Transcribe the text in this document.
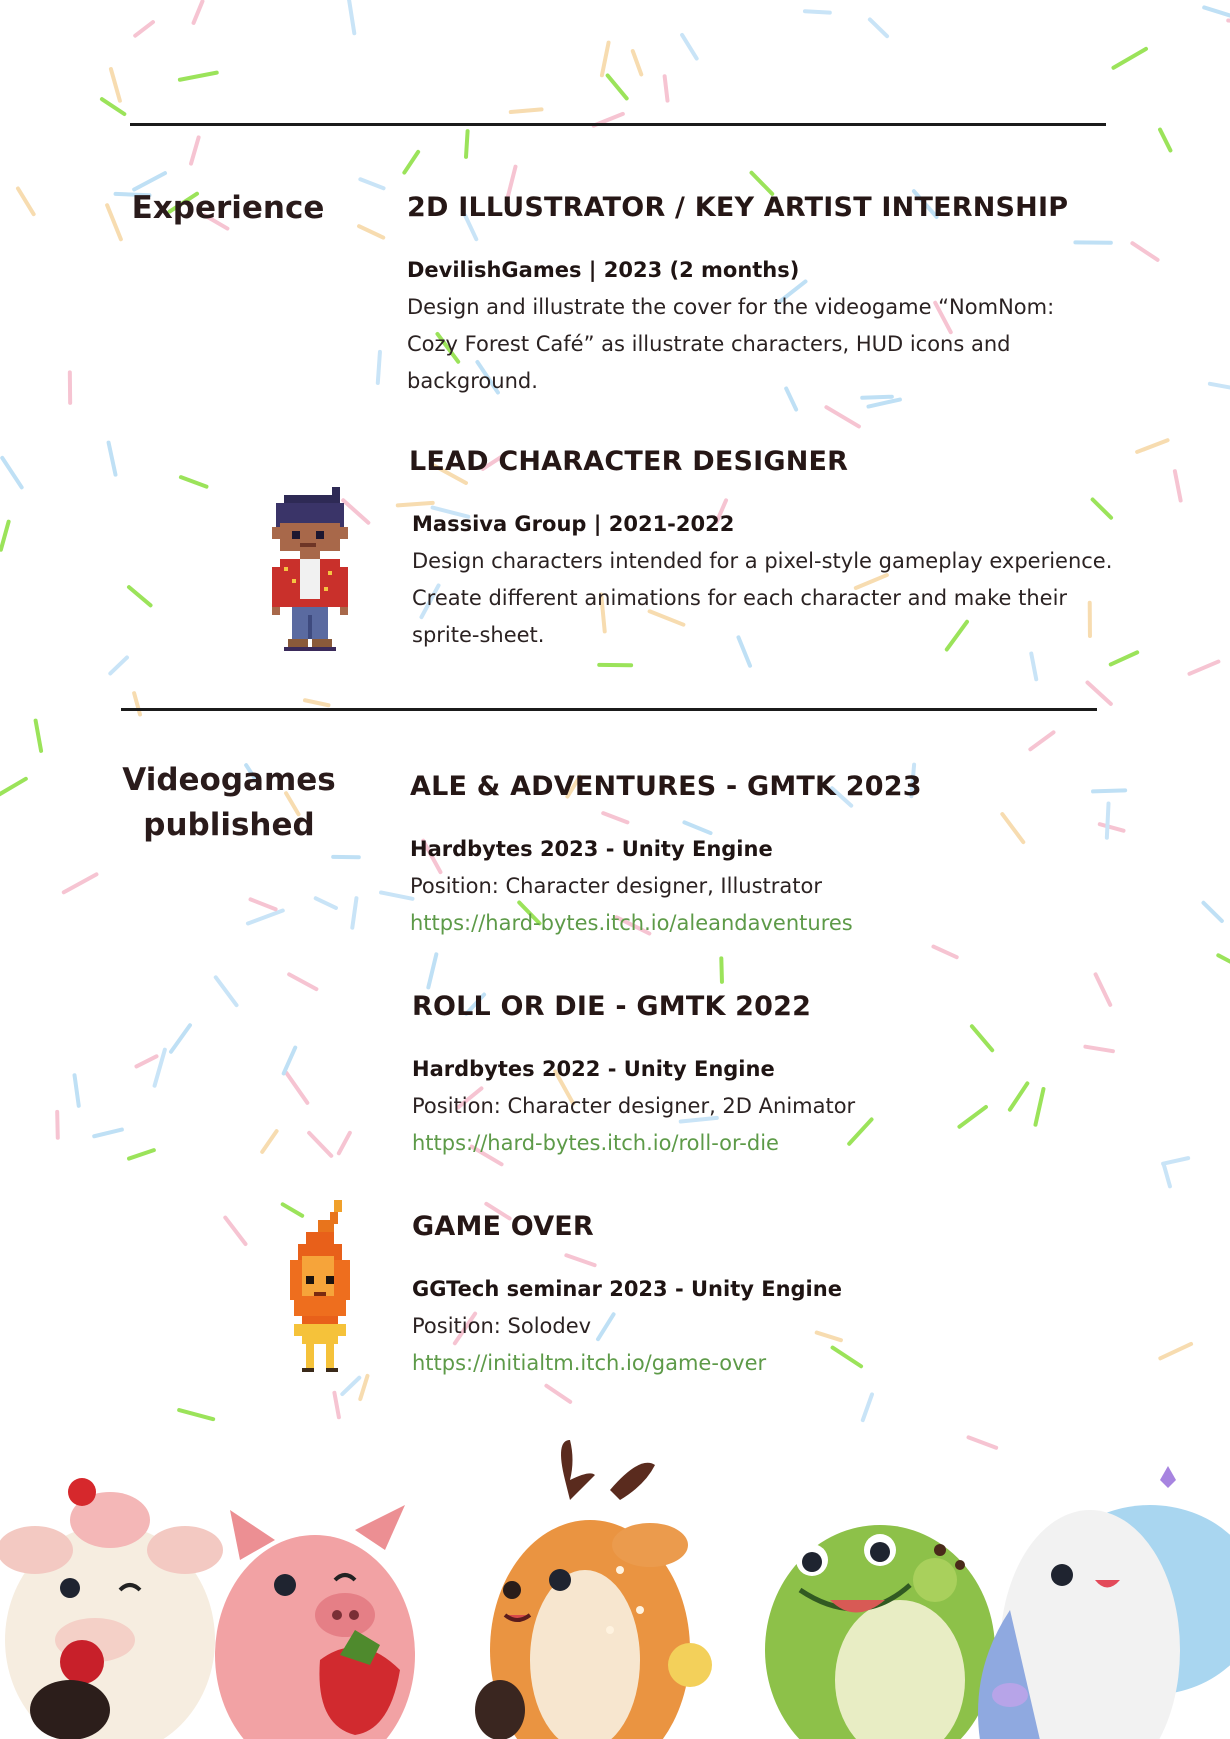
Experience	2D ILLUSTRATOR / KEY ARTIST INTERNSHIP
DevilishGames | 2023 (2 months)
Design and illustrate the cover for the videogame “NomNom:
Cozy Forest Café” as illustrate characters, HUD icons and
background.
LEAD CHARACTER DESIGNER
Massiva Group | 2021-2022
Design characters intended for a pixel-style gameplay experience.
Create different animations for each character and make their
sprite-sheet.
Videogames
published
ALE & ADVENTURES - GMTK 2023
Hardbytes 2023 - Unity Engine
Position: Character designer, Illustrator
https://hard-bytes.itch.io/aleandaventures
ROLL OR DIE - GMTK 2022
Hardbytes 2022 - Unity Engine
Position: Character designer, 2D Animator
https://hard-bytes.itch.io/roll-or-die
GAME OVER
GGTech seminar 2023 - Unity Engine
Position: Solodev
https://initialtm.itch.io/game-over
